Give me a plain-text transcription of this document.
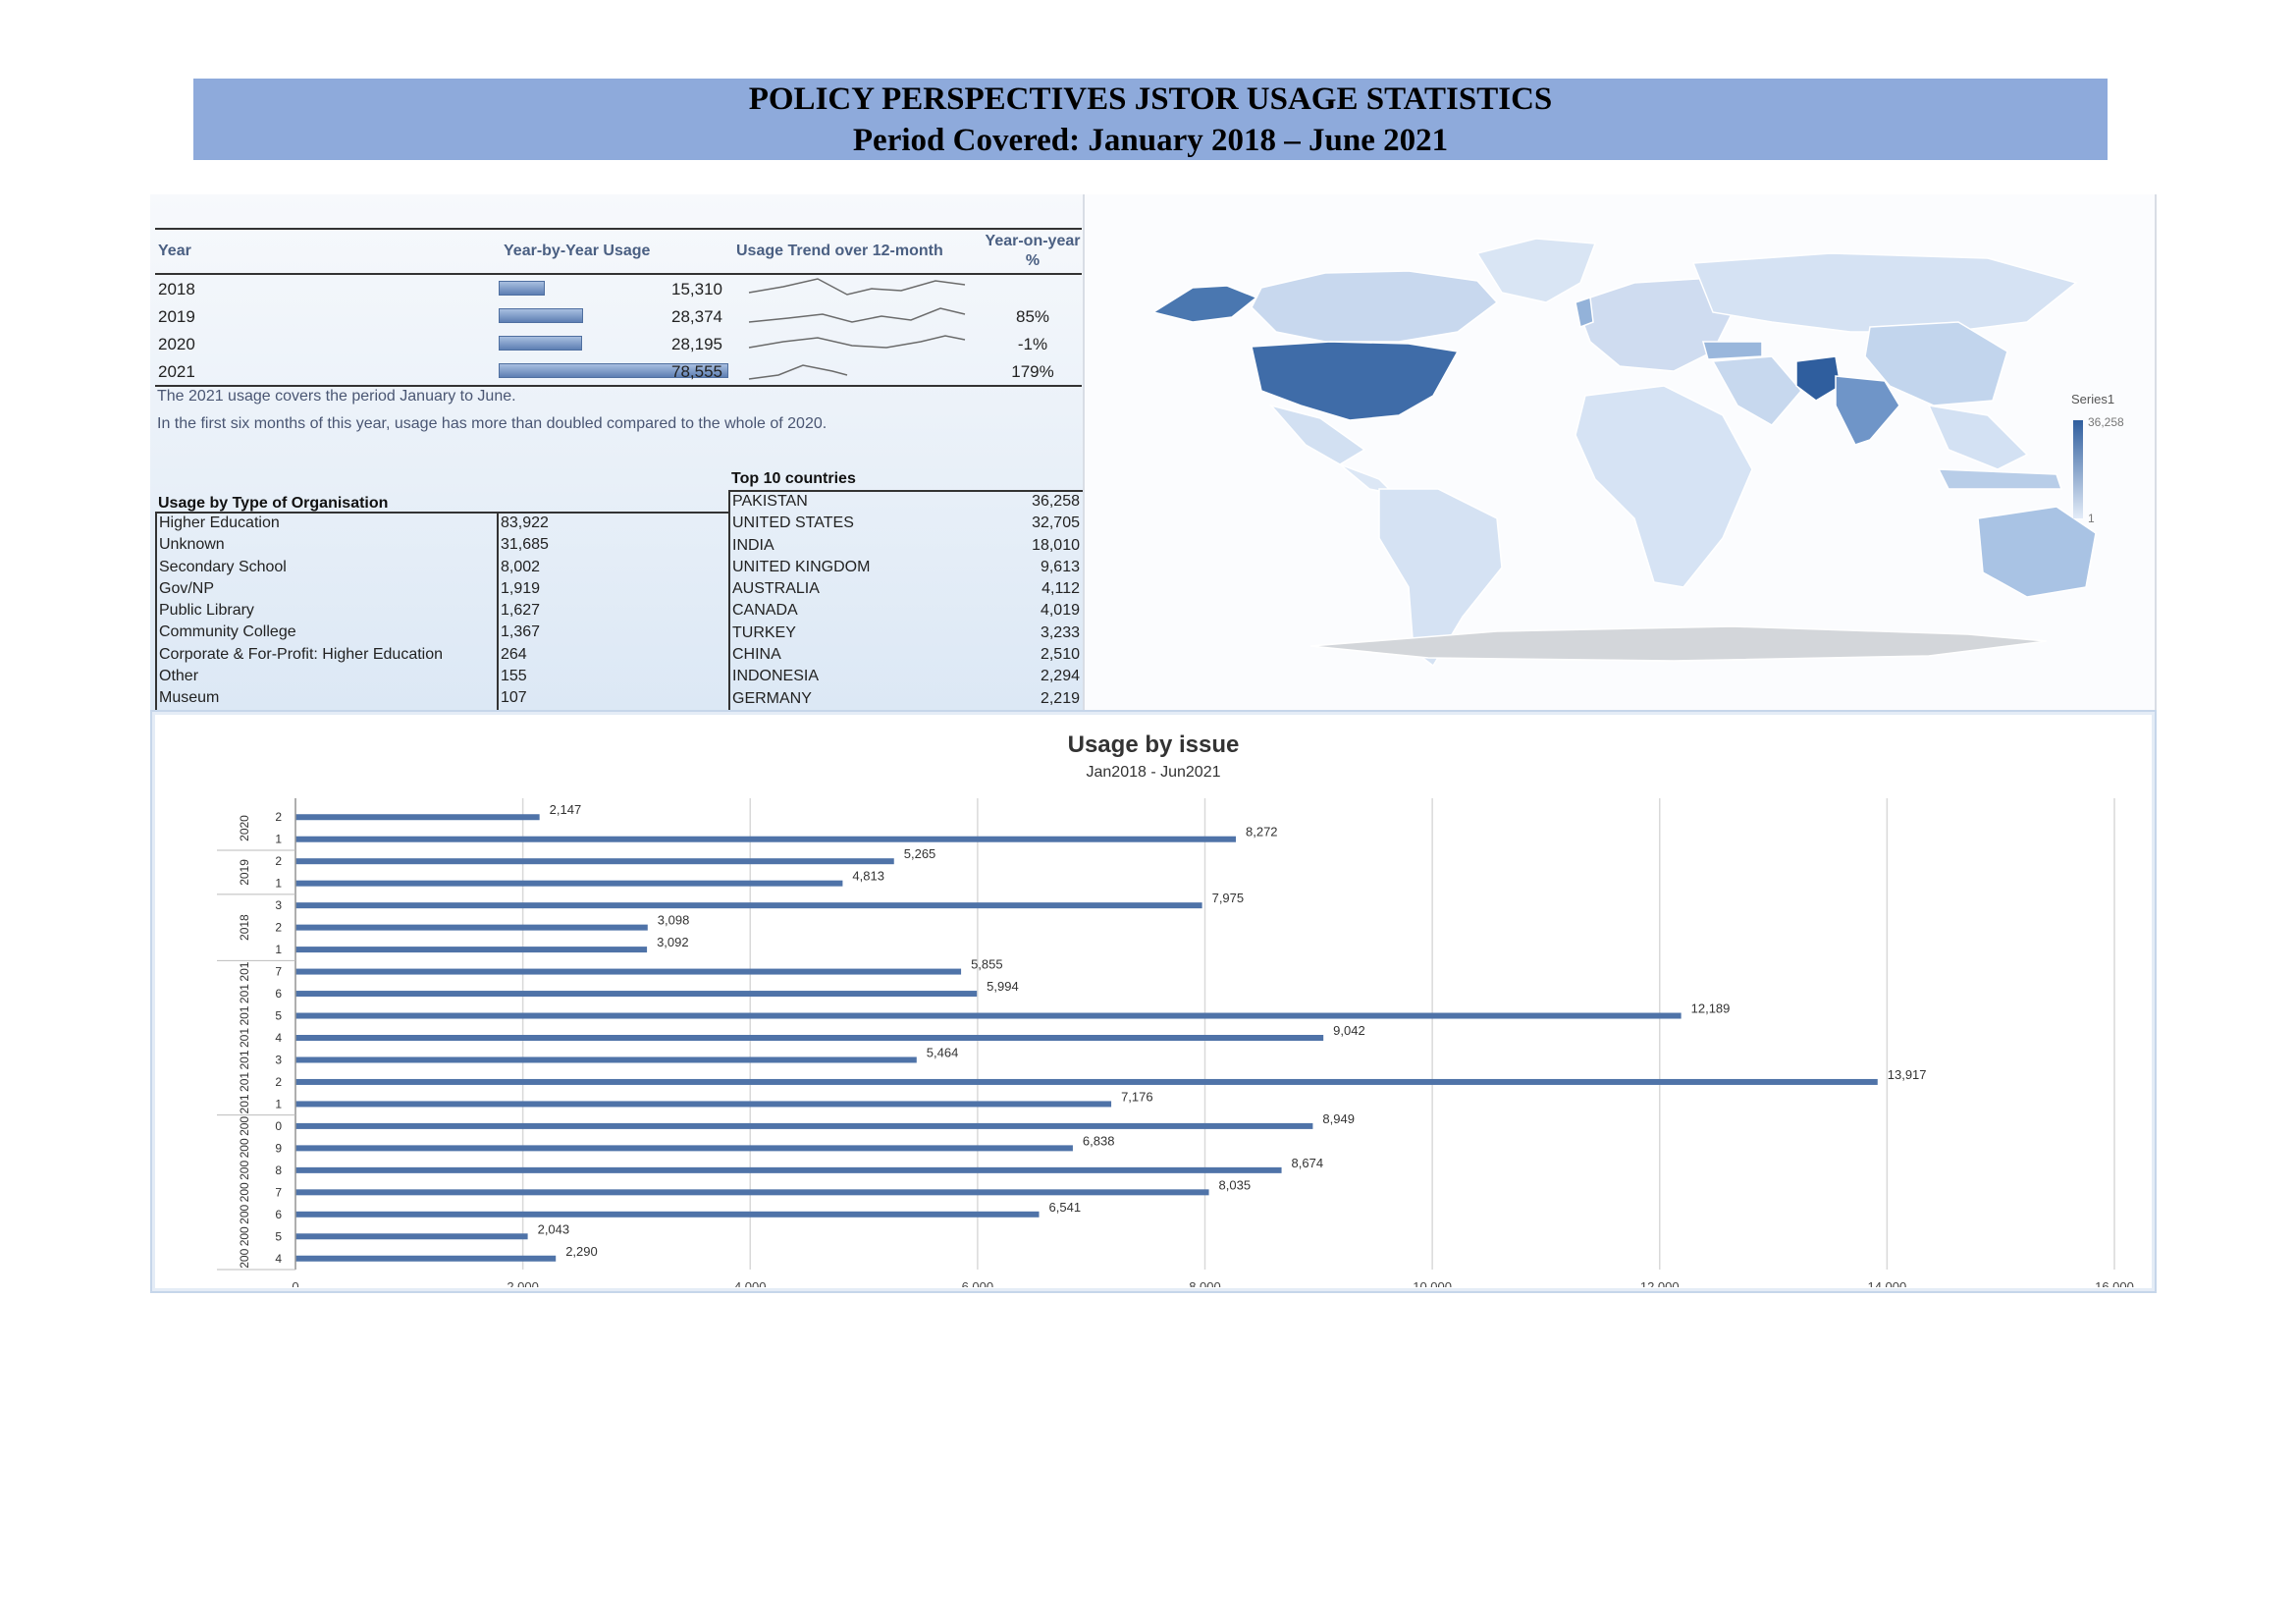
POLICY PERSPECTIVES JSTOR USAGE STATISTICS
Period Covered: January 2018 – June 2021
Year	Year-by-Year Usage	Usage Trend over 12-month
Year-on-year %
2018	15,310
2019	28,374	85%
2020	28,195	-1%
2021	78,555	179%
The 2021 usage covers the period January to June.
In the first six months of this year, usage has more than doubled compared to the whole of 2020.
Top 10 countries
Usage by Type of Organisation
Higher Education	83,922
Unknown	31,685
Secondary School	8,002
Gov/NP	1,919
Public Library	1,627
Community College	1,367
Corporate & For-Profit: Higher Education	264
Other	155
Museum	107
PAKISTAN	36,258
UNITED STATES	32,705
INDIA	18,010
UNITED KINGDOM	9,613
AUSTRALIA	4,112
CANADA	4,019
TURKEY	3,233
CHINA	2,510
INDONESIA	2,294
GERMANY	2,219
Series1
36,258
1
Usage by issue
Jan2018 - Jun2021
2,147
8,272
5,265
4,813
7,975
3,098
3,092
5,855
5,994
12,189
9,042
5,464
13,917
7,176
8,949
6,838
8,674
8,035
6,541
2,043
2,290
0	2,000	4,000	6,000	8,000	10,000	12,000	14,000	16,000
2
1
2
1
3
2
1
7
6
5
4
3
2
1
0
9
8
7
6
5
4
2020
2019
2018
201
201
201
201
201
201
201
200
200
200
200
200
200
200
